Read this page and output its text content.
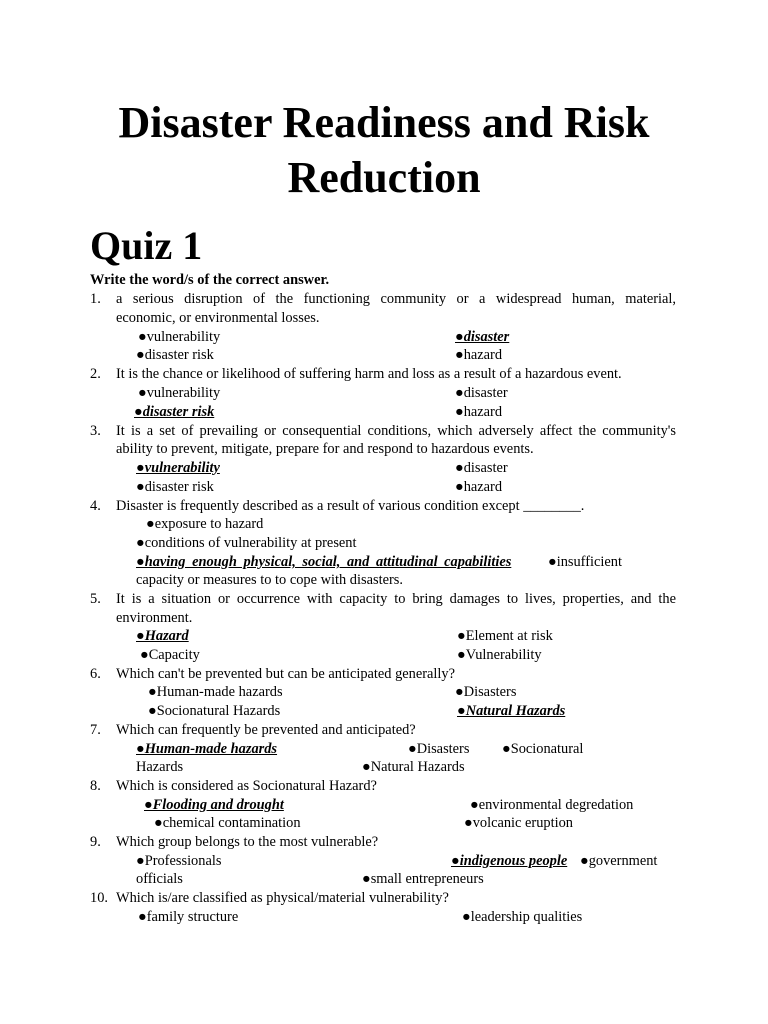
Disaster Readiness and Risk
Reduction
Quiz 1
Write the word/s of the correct answer.
1. a serious disruption of the functioning community or a widespread human, material,
economic, or environmental losses.
●vulnerability	●disaster
●disaster risk	●hazard
2. It is the chance or likelihood of suffering harm and loss as a result of a hazardous event.
●vulnerability	●disaster
●disaster risk	●hazard
3. It is a set of prevailing or consequential conditions, which adversely affect the community's
ability to prevent, mitigate, prepare for and respond to hazardous events.
●vulnerability	●disaster
●disaster risk	●hazard
4. Disaster is frequently described as a result of various condition except ________.
●exposure to hazard
●conditions of vulnerability at present
●having enough physical, social, and attitudinal capabilities	●insufficient
capacity or measures to to cope with disasters.
5. It is a situation or occurrence with capacity to bring damages to lives, properties, and the
environment.
●Hazard	●Element at risk
●Capacity	●Vulnerability
6. Which can't be prevented but can be anticipated generally?
●Human-made hazards	●Disasters
●Socionatural Hazards	●Natural Hazards
7. Which can frequently be prevented and anticipated?
●Human-made hazards	●Disasters ●Socionatural
Hazards	●Natural Hazards
8. Which is considered as Socionatural Hazard?
●Flooding and drought	●environmental degredation
●chemical contamination	●volcanic eruption
9. Which group belongs to the most vulnerable?
●Professionals	●indigenous people ●government
officials	●small entrepreneurs
10. Which is/are classified as physical/material vulnerability?
●family structure	●leadership qualities
